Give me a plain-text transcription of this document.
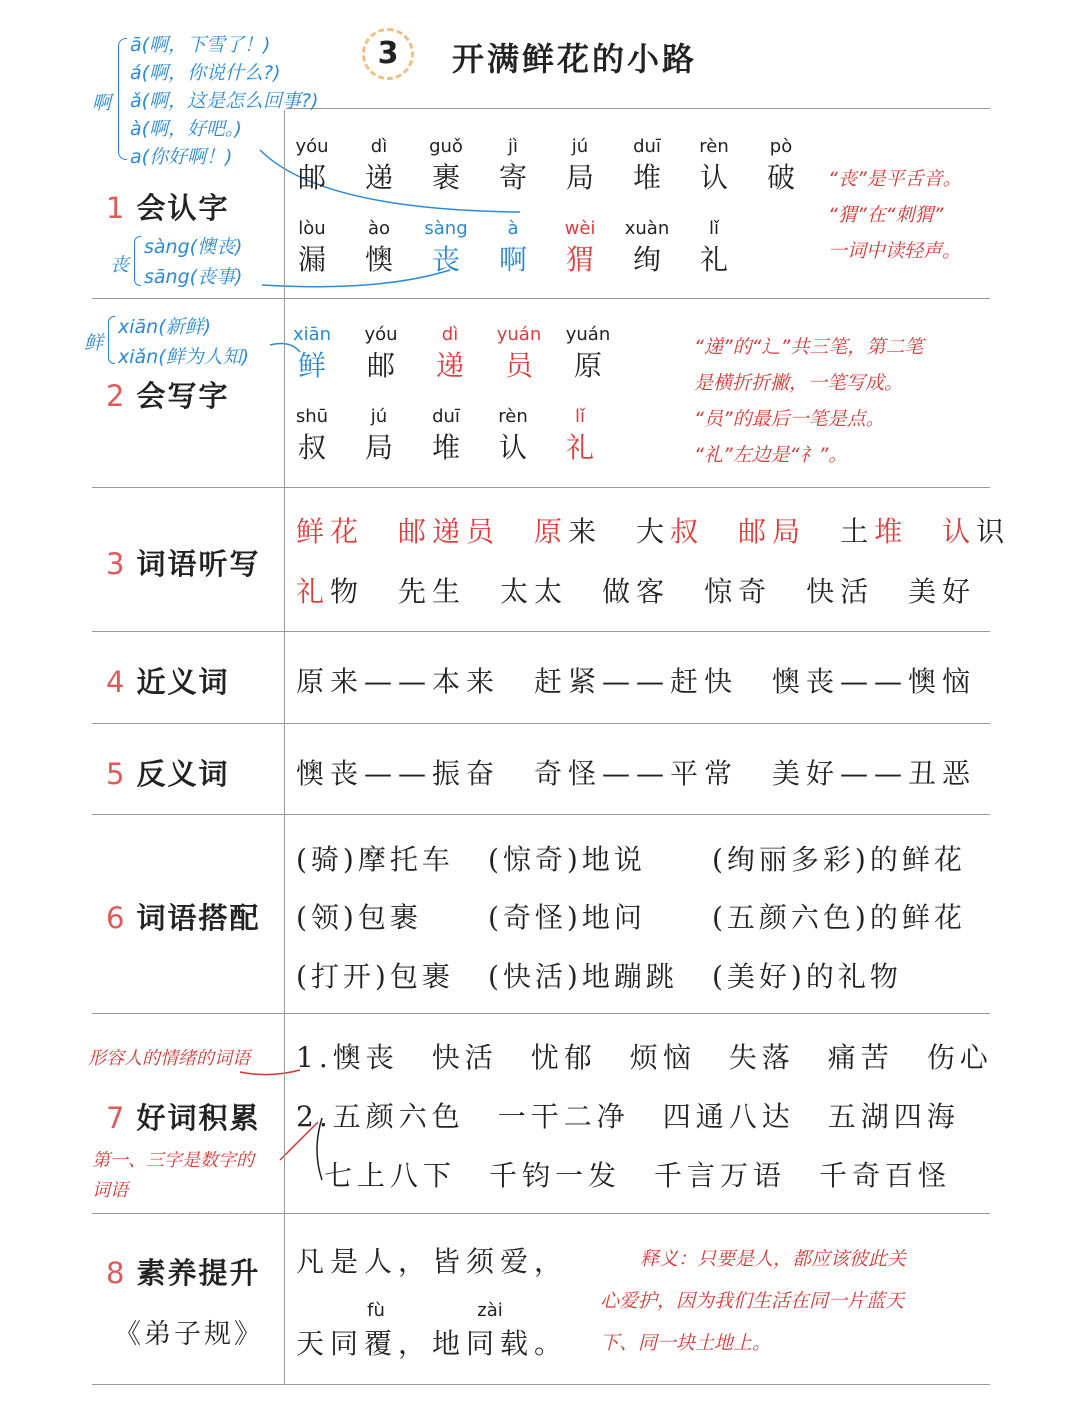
3	开满鲜花的小路
啊
ā(啊，下雪了！)
á(啊，你说什么?)
ǎ(啊，这是怎么回事?)
à(啊，好吧。)
a(你好啊！)
丧
sàng(懊丧)
sāng(丧事)
鲜
xiān(新鲜)
xiǎn(鲜为人知)
1 会认字
yóu
邮
dì
递
guǒ
裹
jì
寄
jú
局
duī
堆
rèn
认
pò
破
lòu
漏
ào
懊
sàng
丧
à
啊
wèi
猬
xuàn
绚
lǐ
礼
“丧”是平舌音。
“猬”在“刺猬”
一词中读轻声。
2 会写字
xiān
鲜
yóu
邮
dì
递
yuán
员
yuán
原
shū
叔
jú
局
duī
堆
rèn
认
lǐ
礼
“递”的“辶”共三笔，第二笔
是横折折撇，一笔写成。
“员”的最后一笔是点。
“礼”左边是“礻”。
3 词语听写
鲜花 邮递员 原来 大叔 邮局 土堆 认识
礼物 先生 太太 做客 惊奇 快活 美好
4 近义词 原来——本来 赶紧——赶快 懊丧——懊恼
5 反义词 懊丧——振奋 奇怪——平常 美好——丑恶
6 词语搭配
(骑)摩托车 (惊奇)地说 (绚丽多彩)的鲜花
(领)包裹 (奇怪)地问 (五颜六色)的鲜花
(打开)包裹 (快活)地蹦跳 (美好)的礼物
形容人的情绪的词语
7 好词积累
第一、三字是数字的
词语
1.懊丧　快活　忧郁　烦恼　失落　痛苦　伤心
2.五颜六色　一干二净　四通八达　五湖四海
七上八下　千钧一发　千言万语　千奇百怪
8 素养提升
《弟子规》
凡是人，皆须爱，
fù	zài
天同覆，地同载。
释义：只要是人，都应该彼此关
心爱护，因为我们生活在同一片蓝天
下、同一块土地上。
